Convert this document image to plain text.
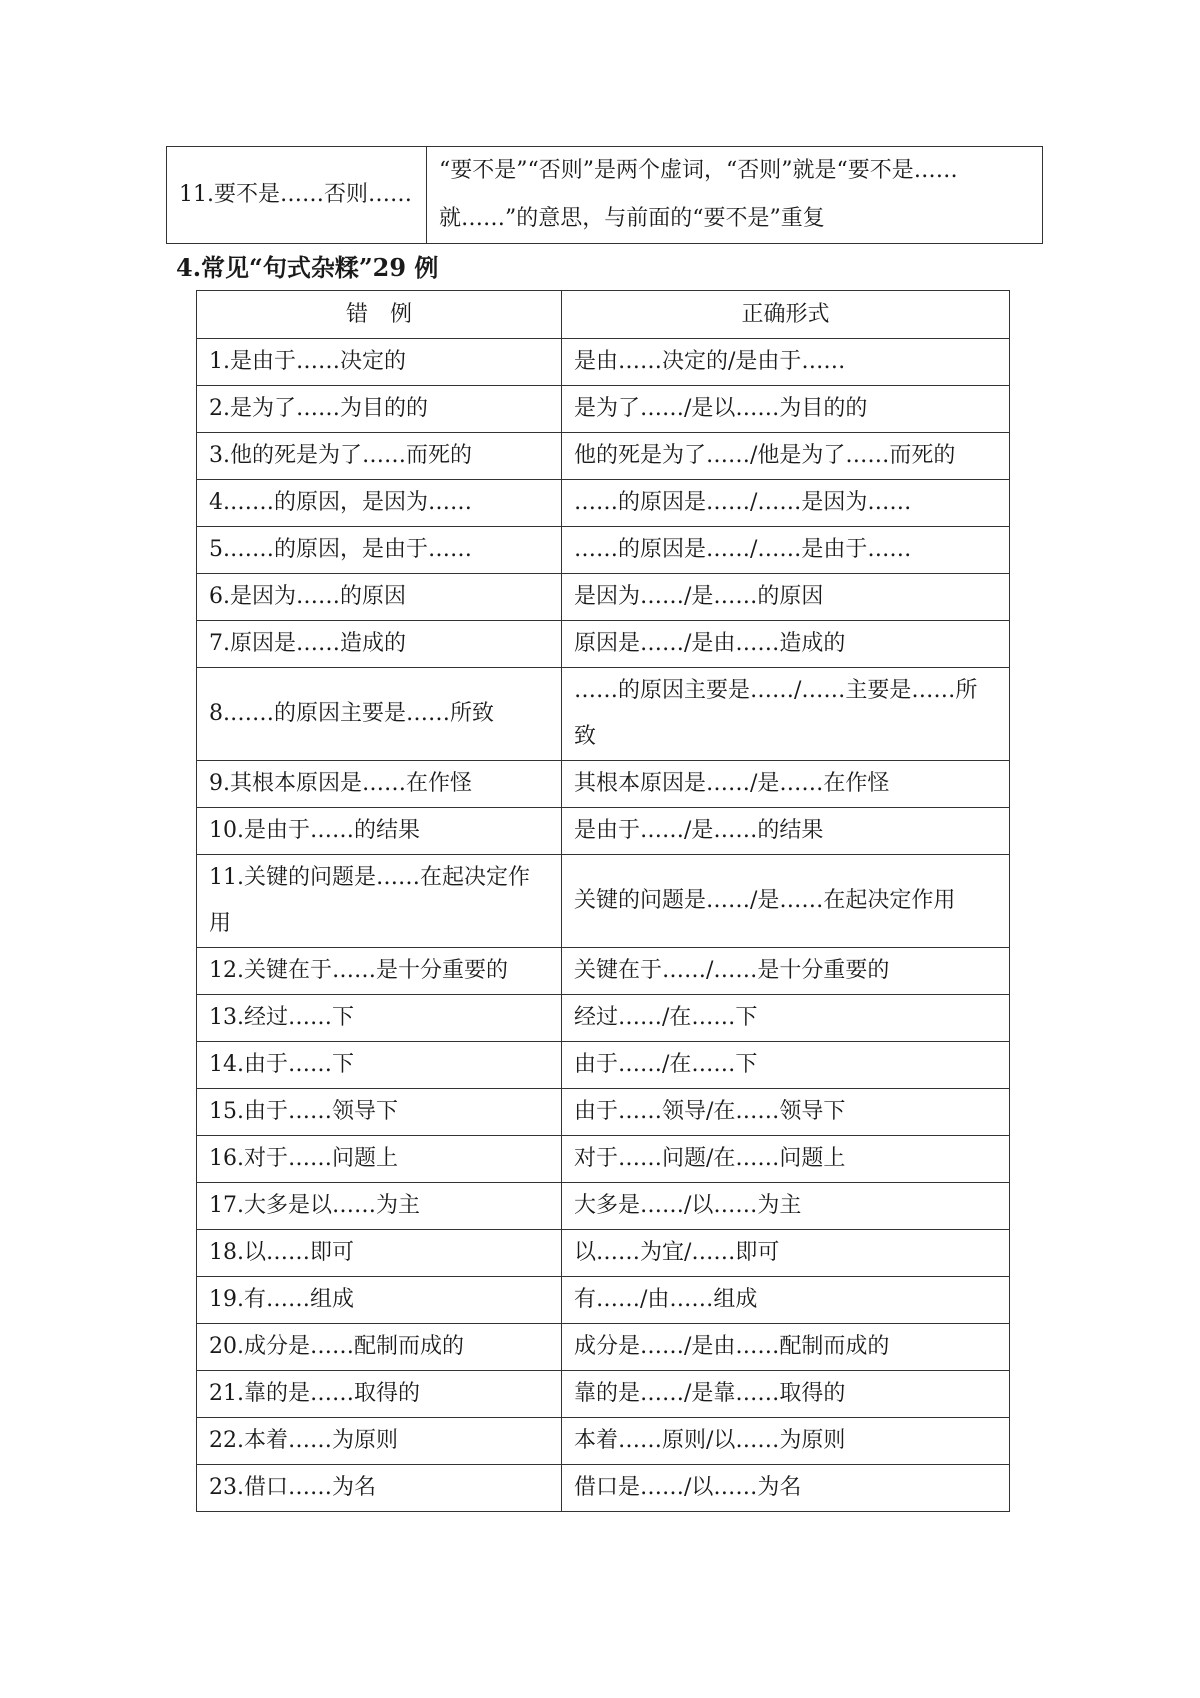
11.要不是……否则……	“要不是”“否则”是两个虚词，“否则”就是“要不是……就……”的意思，与前面的“要不是”重复
4.常见“句式杂糅”29 例
错　例	正确形式
1.是由于……决定的	是由……决定的/是由于……
2.是为了……为目的的	是为了……/是以……为目的的
3.他的死是为了……而死的	他的死是为了……/他是为了……而死的
4.……的原因，是因为……	……的原因是……/……是因为……
5.……的原因，是由于……	……的原因是……/……是由于……
6.是因为……的原因	是因为……/是……的原因
7.原因是……造成的	原因是……/是由……造成的
8.……的原因主要是……所致	……的原因主要是……/……主要是……所致
9.其根本原因是……在作怪	其根本原因是……/是……在作怪
10.是由于……的结果	是由于……/是……的结果
11.关键的问题是……在起决定作用	关键的问题是……/是……在起决定作用
12.关键在于……是十分重要的	关键在于……/……是十分重要的
13.经过……下	经过……/在……下
14.由于……下	由于……/在……下
15.由于……领导下	由于……领导/在……领导下
16.对于……问题上	对于……问题/在……问题上
17.大多是以……为主	大多是……/以……为主
18.以……即可	以……为宜/……即可
19.有……组成	有……/由……组成
20.成分是……配制而成的	成分是……/是由……配制而成的
21.靠的是……取得的	靠的是……/是靠……取得的
22.本着……为原则	本着……原则/以……为原则
23.借口……为名	借口是……/以……为名
